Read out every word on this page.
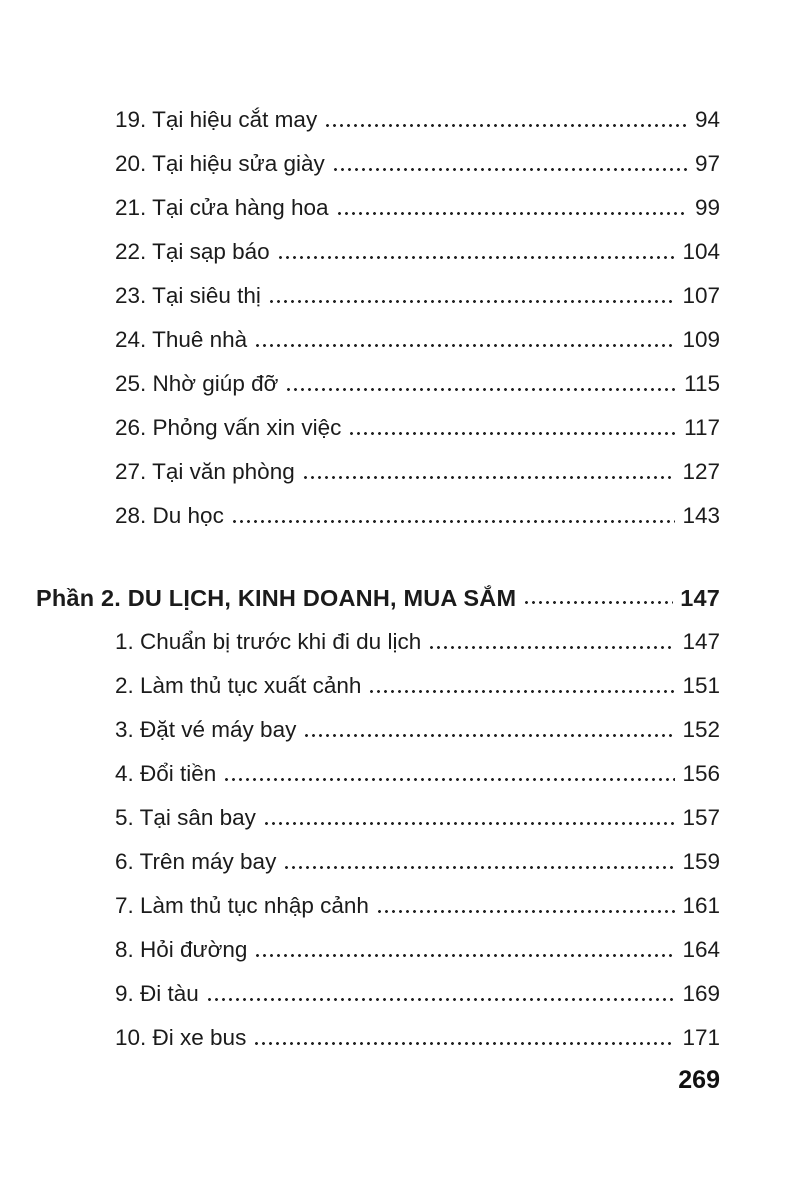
19. Tại hiệu cắt may	94
20. Tại hiệu sửa giày	97
21. Tại cửa hàng hoa	99
22. Tại sạp báo	104
23. Tại siêu thị	107
24. Thuê nhà	109
25. Nhờ giúp đỡ	115
26. Phỏng vấn xin việc	117
27. Tại văn phòng	127
28. Du học	143
Phần 2. DU LỊCH, KINH DOANH, MUA SẮM	147
1. Chuẩn bị trước khi đi du lịch	147
2. Làm thủ tục xuất cảnh	151
3. Đặt vé máy bay	152
4. Đổi tiền	156
5. Tại sân bay	157
6. Trên máy bay	159
7. Làm thủ tục nhập cảnh	161
8. Hỏi đường	164
9. Đi tàu	169
10. Đi xe bus	171
269
